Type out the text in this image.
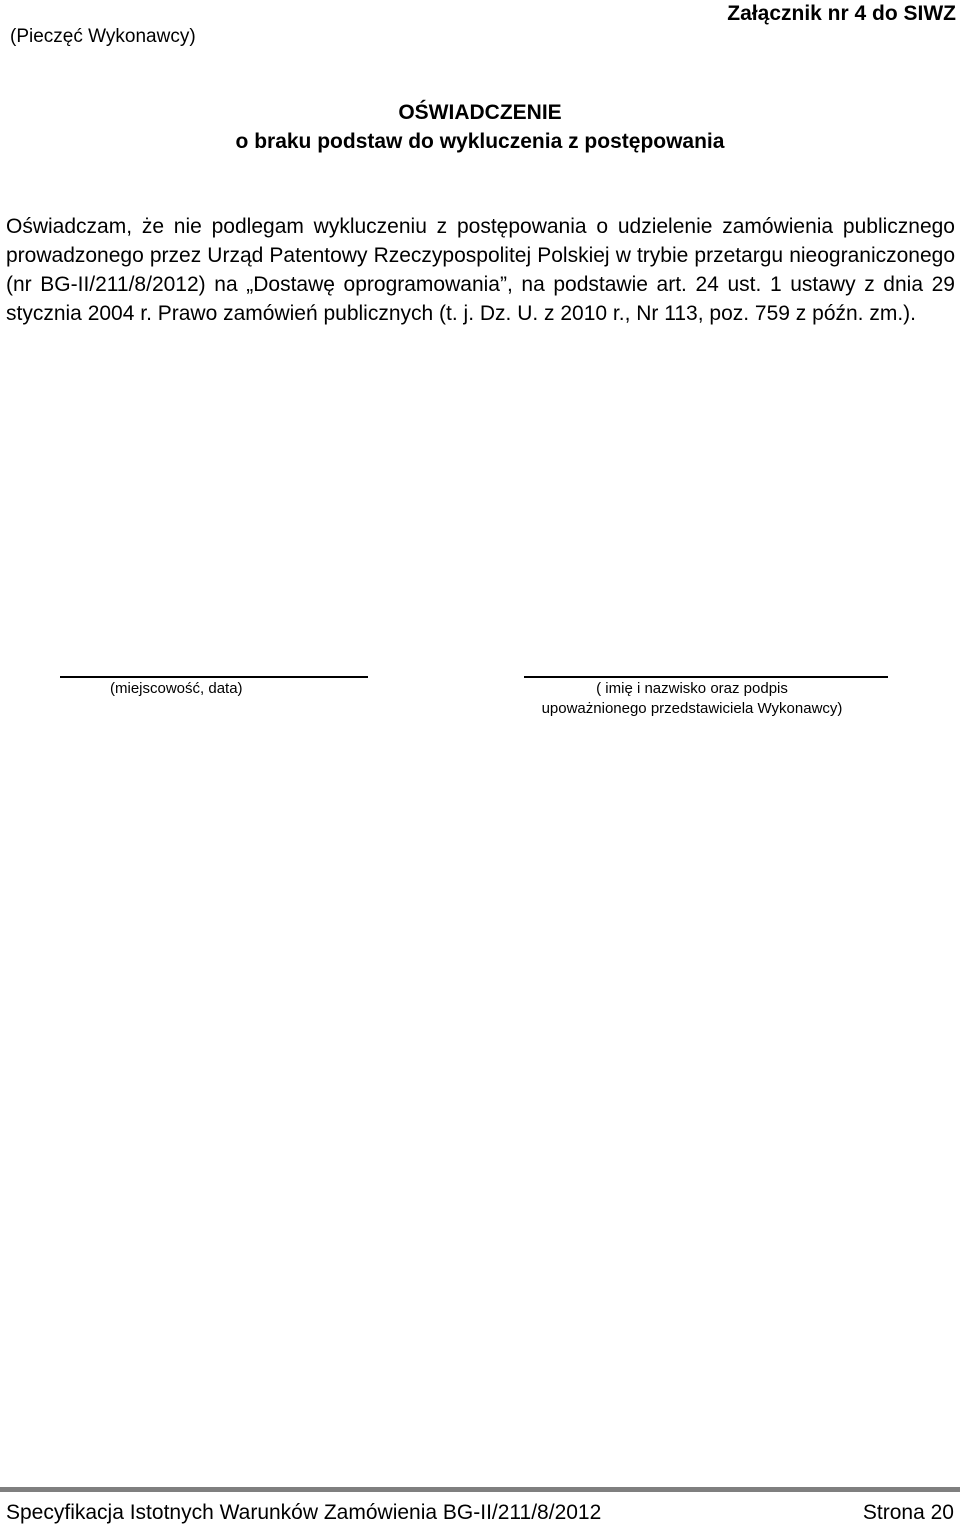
(Pieczęć Wykonawcy)
Załącznik nr 4 do SIWZ
OŚWIADCZENIE
o braku podstaw do wykluczenia z postępowania

Oświadczam, że nie podlegam wykluczeniu z postępowania o udzielenie zamówienia publicznego prowadzonego przez Urząd Patentowy Rzeczypospolitej Polskiej w trybie przetargu nieograniczonego (nr BG-II/211/8/2012) na „Dostawę oprogramowania”, na podstawie art. 24 ust. 1 ustawy z dnia 29 stycznia 2004 r. Prawo zamówień publicznych (t. j. Dz. U. z 2010 r., Nr 113, poz. 759 z późn. zm.).

(miejscowość, data)	( imię i nazwisko oraz podpis
upoważnionego przedstawiciela Wykonawcy)
Specyfikacja Istotnych Warunków Zamówienia BG-II/211/8/2012	Strona 20
